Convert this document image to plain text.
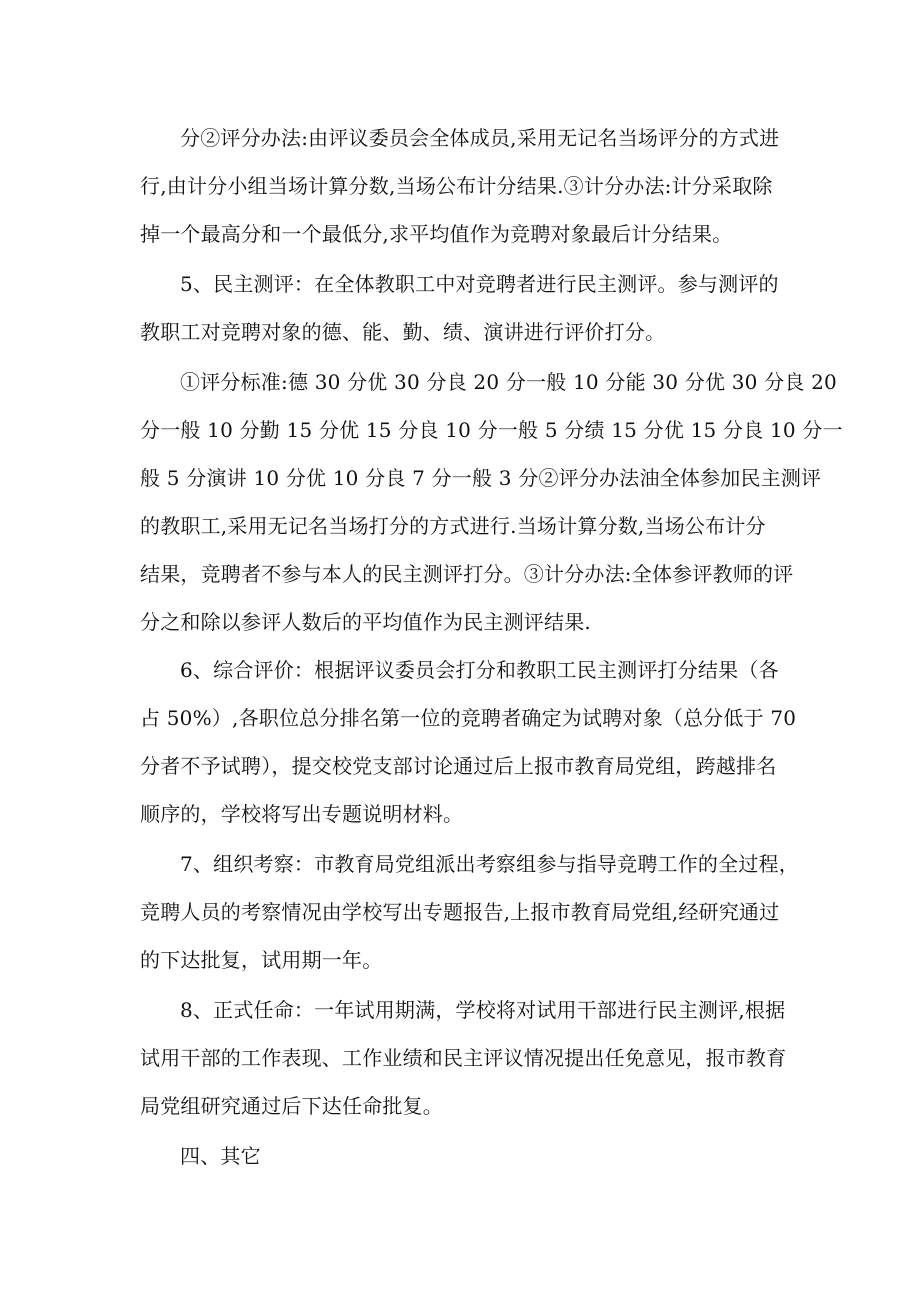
分②评分办法:由评议委员会全体成员,采用无记名当场评分的方式进
行,由计分小组当场计算分数,当场公布计分结果.③计分办法:计分采取除
掉一个最高分和一个最低分,求平均值作为竞聘对象最后计分结果。
5、民主测评：在全体教职工中对竞聘者进行民主测评。参与测评的
教职工对竞聘对象的德、能、勤、绩、演讲进行评价打分。
①评分标准:德 30 分优 30 分良 20 分一般 10 分能 30 分优 30 分良 20
分一般 10 分勤 15 分优 15 分良 10 分一般 5 分绩 15 分优 15 分良 10 分一
般 5 分演讲 10 分优 10 分良 7 分一般 3 分②评分办法油全体参加民主测评
的教职工,采用无记名当场打分的方式进行.当场计算分数,当场公布计分
结果，竞聘者不参与本人的民主测评打分。③计分办法:全体参评教师的评
分之和除以参评人数后的平均值作为民主测评结果.
6、综合评价：根据评议委员会打分和教职工民主测评打分结果（各
占 50%）,各职位总分排名第一位的竞聘者确定为试聘对象（总分低于 70
分者不予试聘），提交校党支部讨论通过后上报市教育局党组，跨越排名
顺序的，学校将写出专题说明材料。
7、组织考察：市教育局党组派出考察组参与指导竞聘工作的全过程，
竞聘人员的考察情况由学校写出专题报告,上报市教育局党组,经研究通过
的下达批复，试用期一年。
8、正式任命：一年试用期满，学校将对试用干部进行民主测评,根据
试用干部的工作表现、工作业绩和民主评议情况提出任免意见，报市教育
局党组研究通过后下达任命批复。
四、其它
